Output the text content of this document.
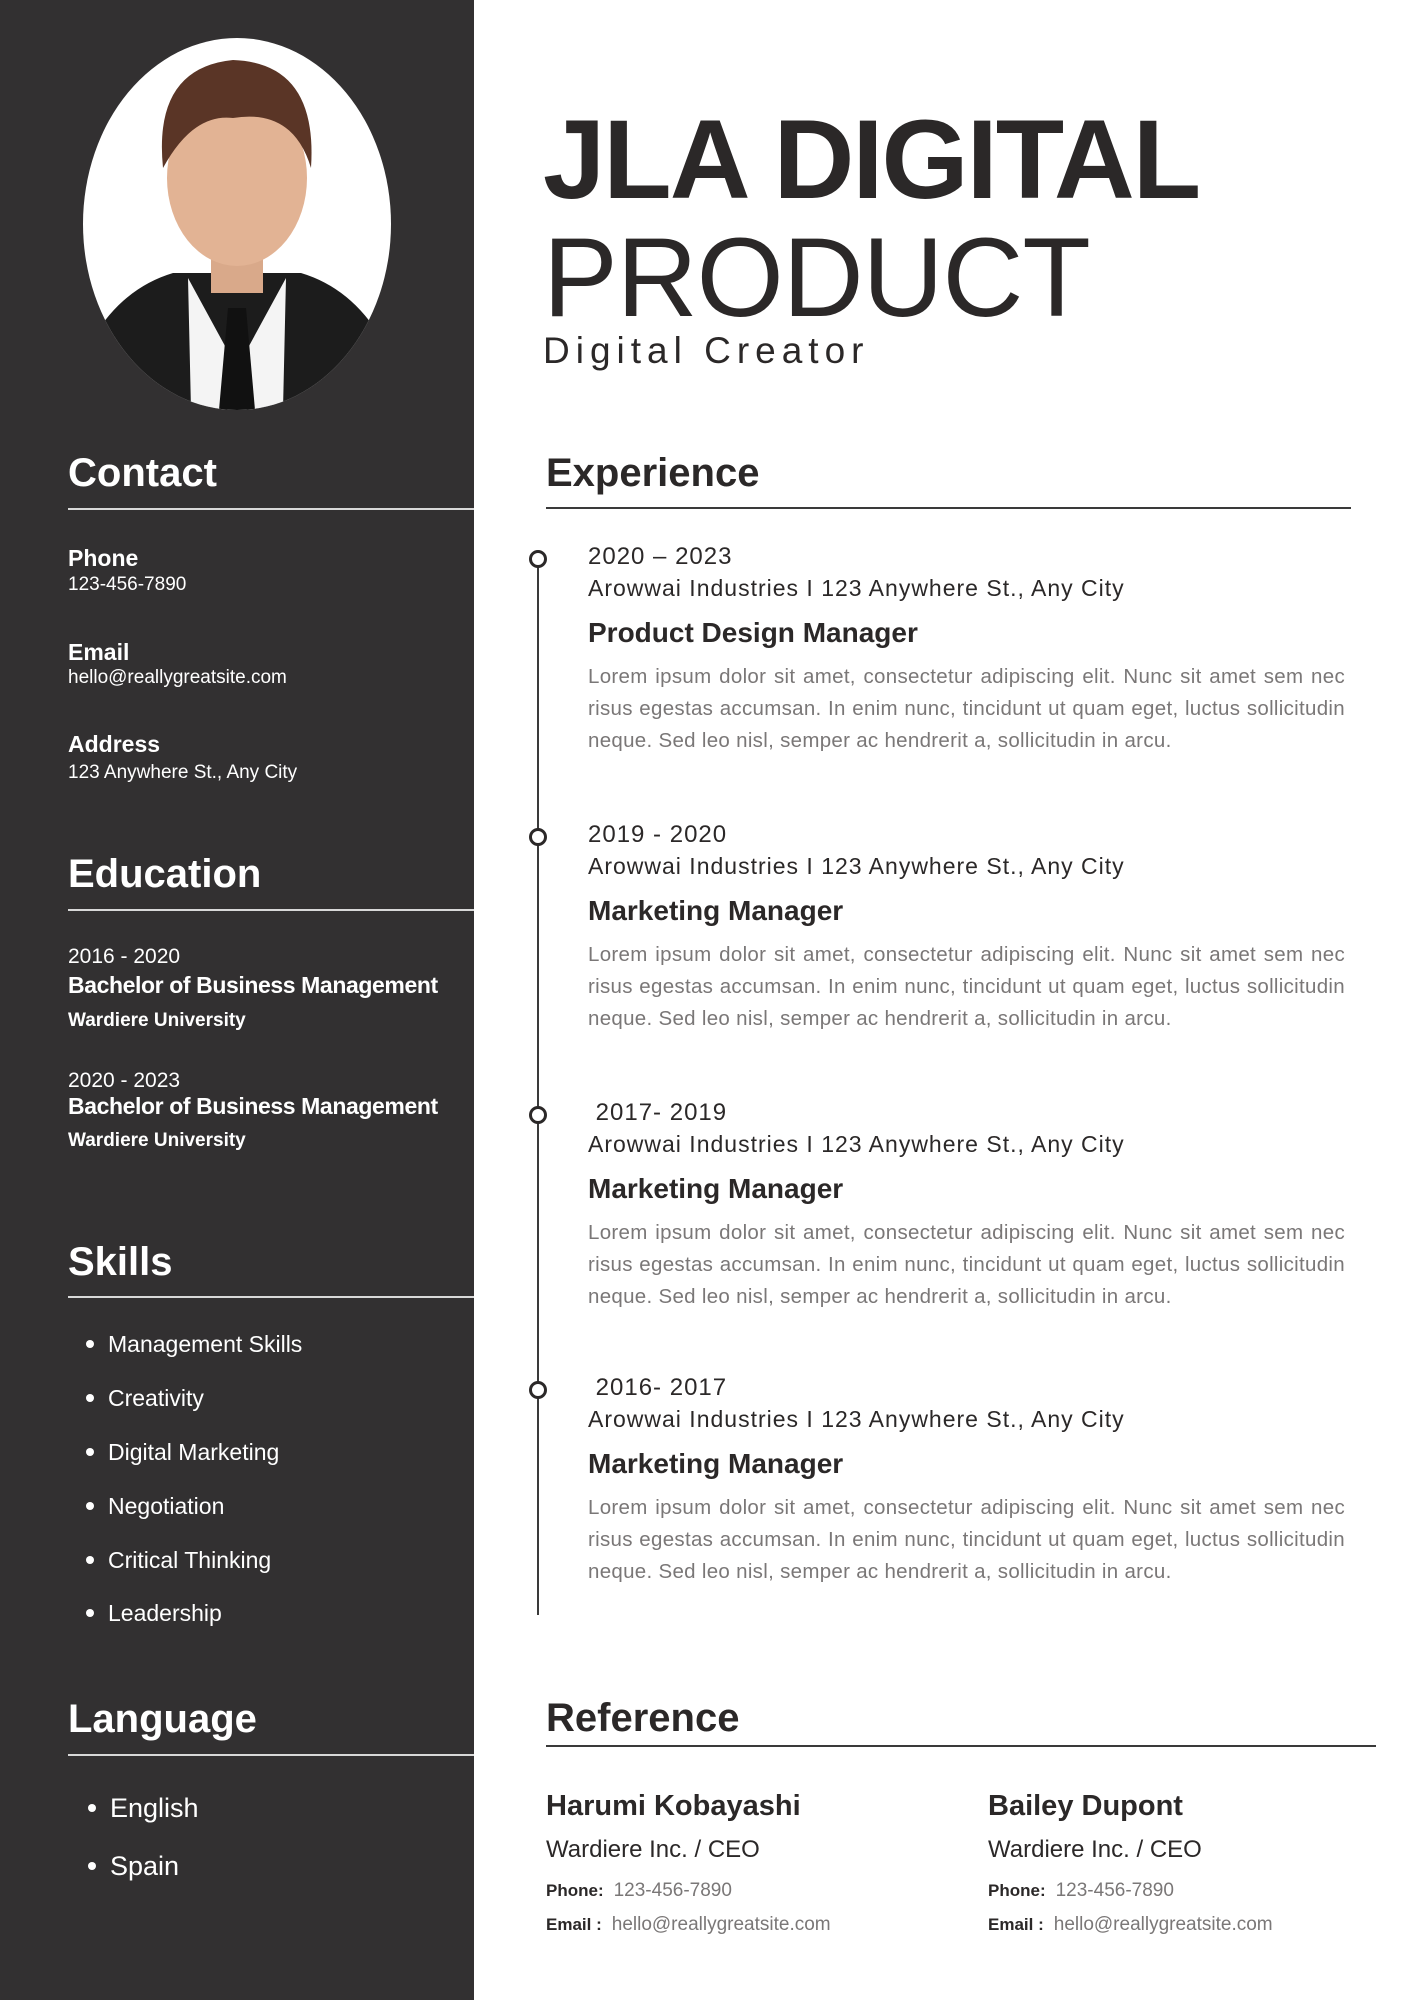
Contact
Phone
123-456-7890
Email
hello@reallygreatsite.com
Address
123 Anywhere St., Any City
Education
2016 - 2020
Bachelor of Business Management
Wardiere University
2020 - 2023
Bachelor of Business Management
Wardiere University
Skills
Management Skills
Creativity
Digital Marketing
Negotiation
Critical Thinking
Leadership
Language
English
Spain
JLA DIGITAL
PRODUCT
Digital Creator
Experience
2020 – 2023
Arowwai Industries I 123 Anywhere St., Any City
Product Design Manager
Lorem ipsum dolor sit amet, consectetur adipiscing elit. Nunc sit amet sem nec risus egestas accumsan. In enim nunc, tincidunt ut quam eget, luctus sollicitudin neque. Sed leo nisl, semper ac hendrerit a, sollicitudin in arcu.
2019 - 2020
Arowwai Industries I 123 Anywhere St., Any City
Marketing Manager
Lorem ipsum dolor sit amet, consectetur adipiscing elit. Nunc sit amet sem nec risus egestas accumsan. In enim nunc, tincidunt ut quam eget, luctus sollicitudin neque. Sed leo nisl, semper ac hendrerit a, sollicitudin in arcu.
2017- 2019
Arowwai Industries I 123 Anywhere St., Any City
Marketing Manager
Lorem ipsum dolor sit amet, consectetur adipiscing elit. Nunc sit amet sem nec risus egestas accumsan. In enim nunc, tincidunt ut quam eget, luctus sollicitudin neque. Sed leo nisl, semper ac hendrerit a, sollicitudin in arcu.
2016- 2017
Arowwai Industries I 123 Anywhere St., Any City
Marketing Manager
Lorem ipsum dolor sit amet, consectetur adipiscing elit. Nunc sit amet sem nec risus egestas accumsan. In enim nunc, tincidunt ut quam eget, luctus sollicitudin neque. Sed leo nisl, semper ac hendrerit a, sollicitudin in arcu.
Reference
Harumi Kobayashi
Wardiere Inc. / CEO
Phone: 123-456-7890
Email : hello@reallygreatsite.com
Bailey Dupont
Wardiere Inc. / CEO
Phone: 123-456-7890
Email : hello@reallygreatsite.com
